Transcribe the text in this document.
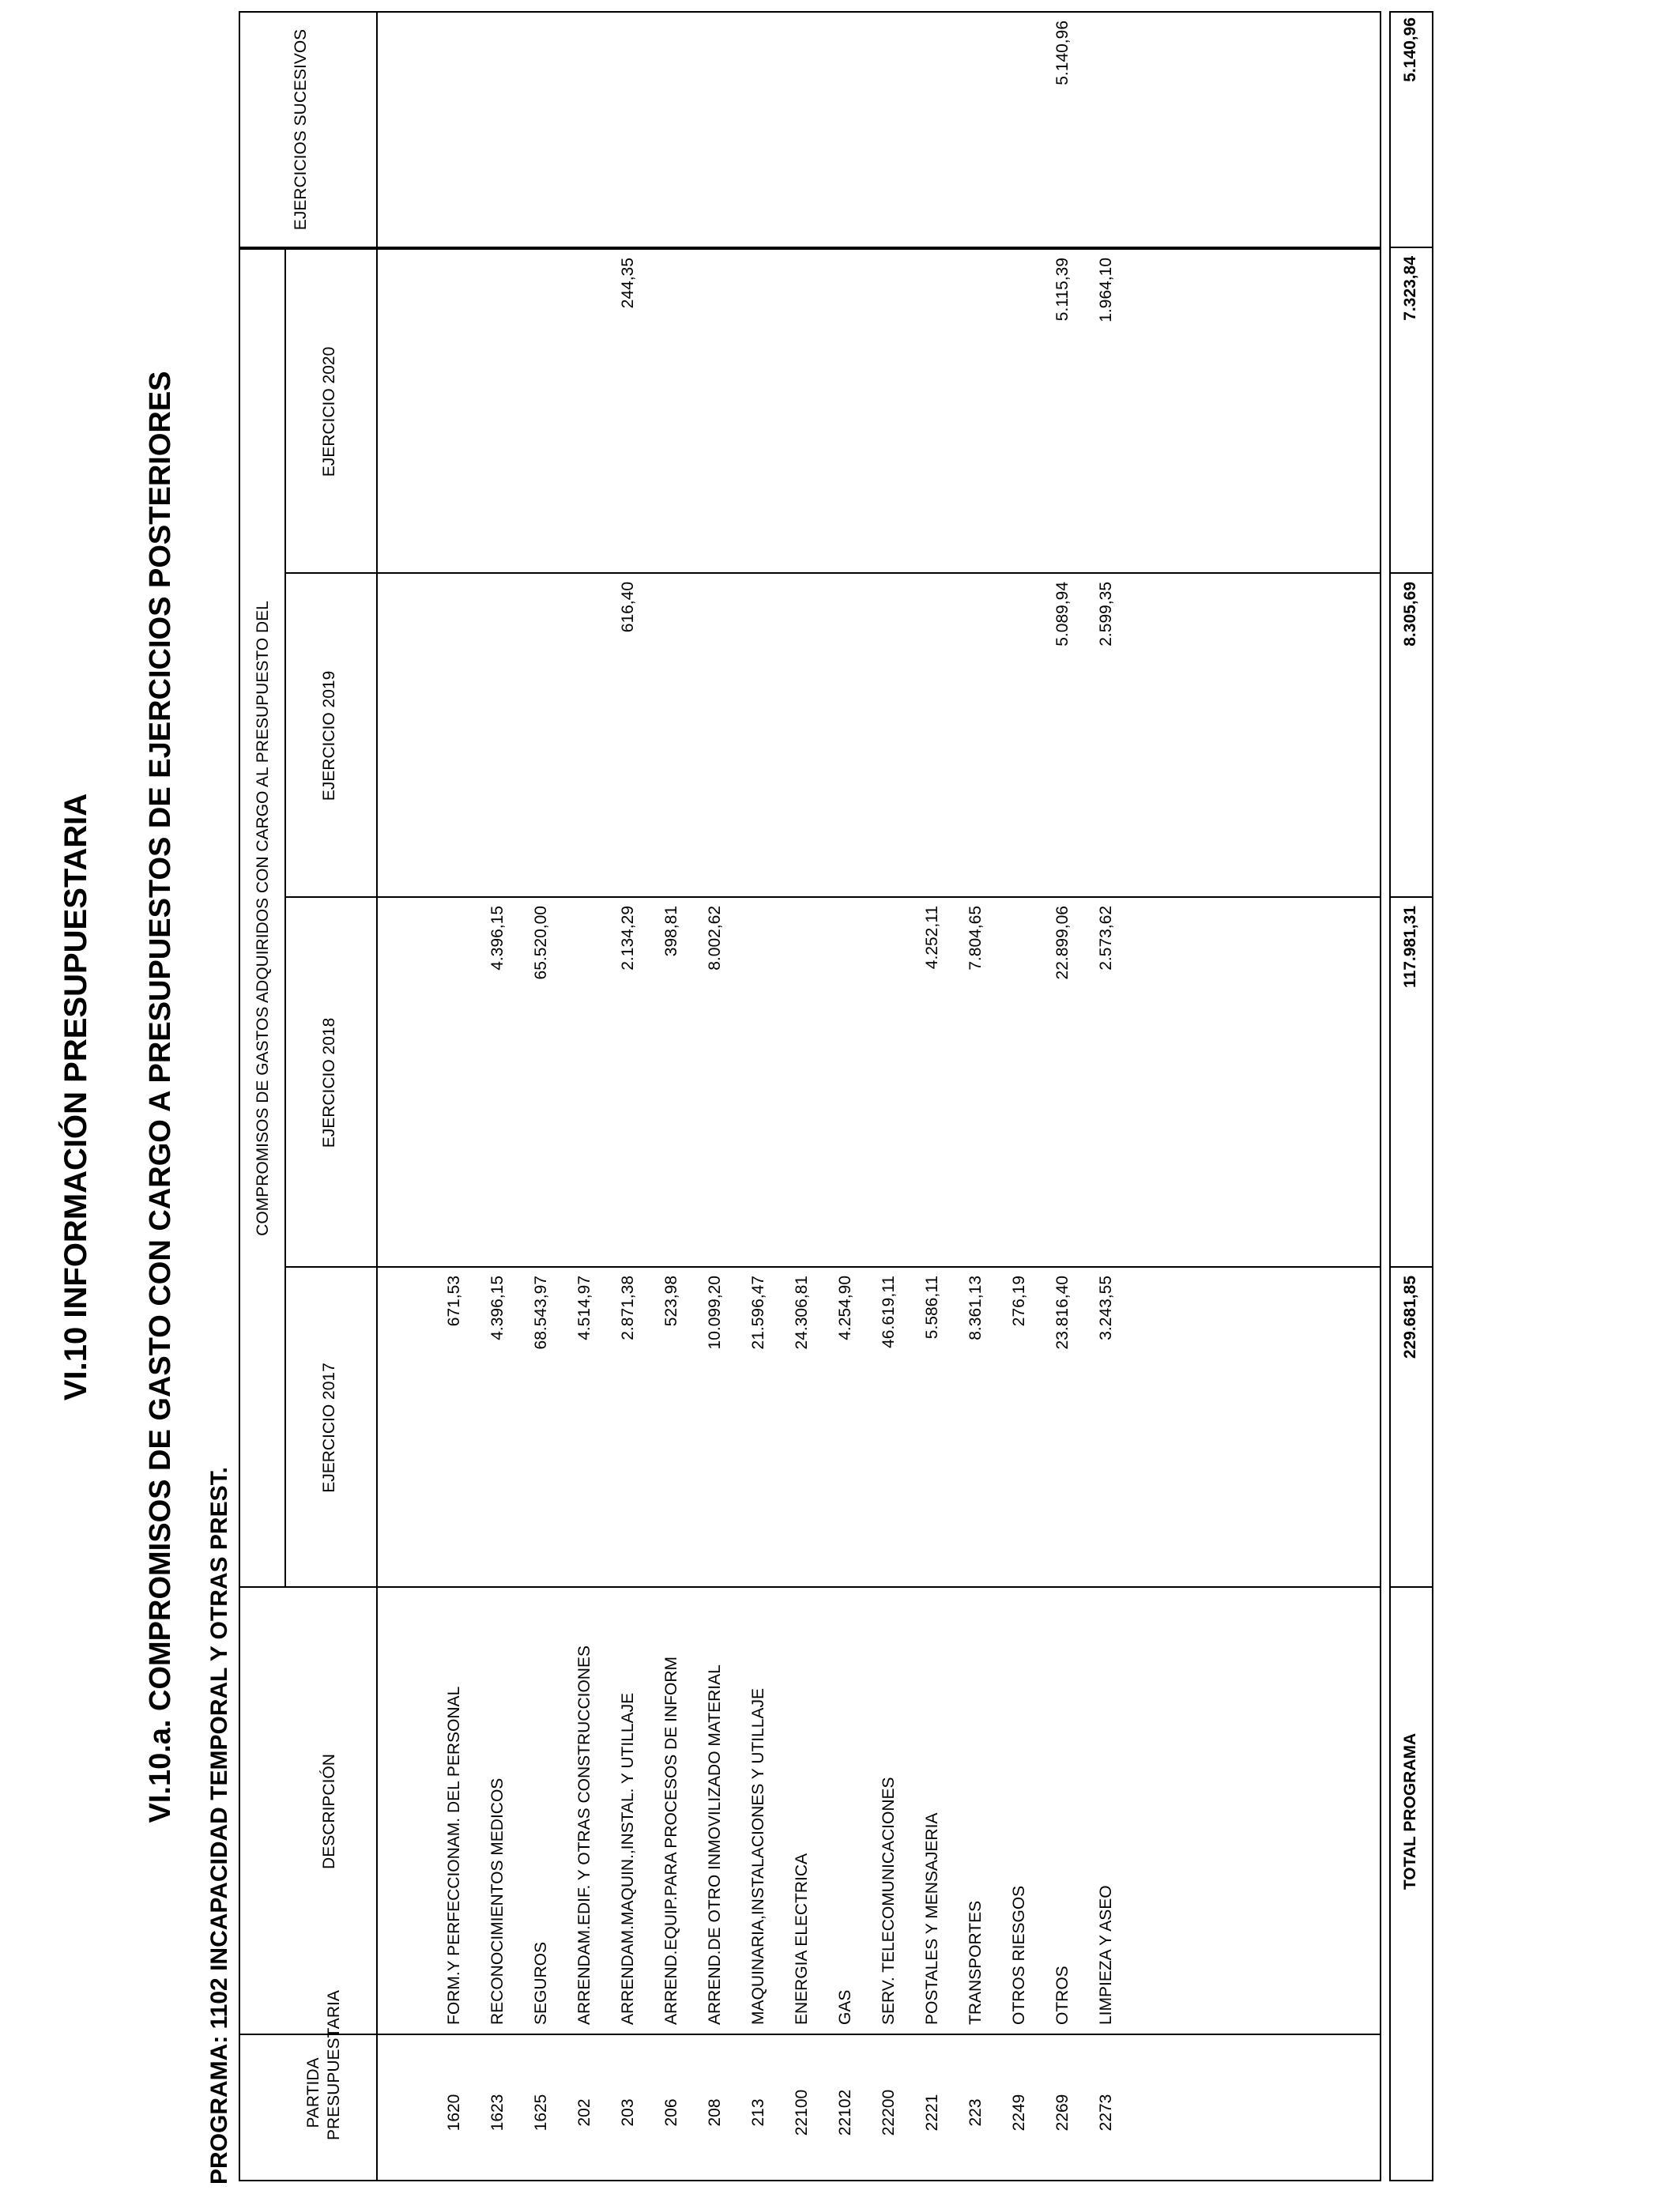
VI.10 INFORMACIÓN PRESUPUESTARIA VI.10.a. COMPROMISOS DE GASTO CON CARGO A PRESUPUESTOS DE EJERCICIOS POSTERIORES
PROGRAMA: 1102 INCAPACIDAD TEMPORAL Y OTRAS PREST.	PARTIDA PRESUPUESTARIA
DESCRIPCIÓN
COMPROMISOS DE GASTOS ADQUIRIDOS CON CARGO AL PRESUPUESTO DEL
EJERCICIO 2017
EJERCICIO 2018
EJERCICIO 2019
EJERCICIO 2020
1620
FORM.Y PERFECCIONAM. DEL PERSONAL
671,53
1623
RECONOCIMIENTOS MEDICOS
4.396,15
4.396,15
1625
SEGUROS
68.543,97
65.520,00
202
ARRENDAM.EDIF. Y OTRAS CONSTRUCCIONES
4.514,97
203
ARRENDAM.MAQUIN.,INSTAL. Y UTILLAJE
2.871,38
2.134,29
616,40
244,35
206
ARREND.EQUIP.PARA PROCESOS DE INFORM
523,98
398,81
208
ARREND.DE OTRO INMOVILIZADO MATERIAL
10.099,20
8.002,62
213
MAQUINARIA,INSTALACIONES Y UTILLAJE
21.596,47
22100
ENERGIA ELECTRICA
24.306,81
22102
GAS
4.254,90
22200
SERV. TELECOMUNICACIONES
46.619,11
2221
POSTALES Y MENSAJERIA
5.586,11
4.252,11
223
TRANSPORTES
8.361,13
7.804,65
2249
OTROS RIESGOS
276,19
2269
OTROS
23.816,40
22.899,06
5.089,94
5.115,39
2273
LIMPIEZA Y ASEO
3.243,55
2.573,62
2.599,35
1.964,10
EJERCICIOS SUCESIVOS	5.140,96
TOTAL PROGRAMA
229.681,85
117.981,31
8.305,69
7.323,84
5.140,96
